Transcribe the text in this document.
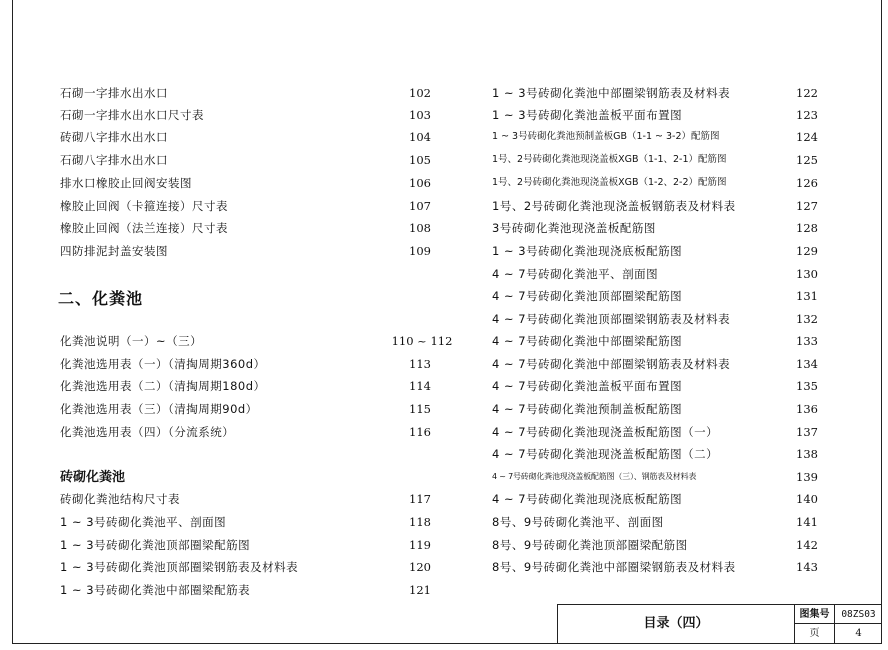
石砌一字排水出水口	102
石砌一字排水出水口尺寸表	103
砖砌八字排水出水口	104
石砌八字排水出水口	105
排水口橡胶止回阀安装图	106
橡胶止回阀（卡箍连接）尺寸表	107
橡胶止回阀（法兰连接）尺寸表	108
四防排泥封盖安装图	109
二、化粪池
化粪池说明（一）~（三）	110 ~ 112
化粪池选用表（一）（清掏周期360d）	113
化粪池选用表（二）（清掏周期180d）	114
化粪池选用表（三）（清掏周期90d）	115
化粪池选用表（四）（分流系统）	116
砖砌化粪池
砖砌化粪池结构尺寸表	117
1 ~ 3号砖砌化粪池平、剖面图	118
1 ~ 3号砖砌化粪池顶部圈梁配筋图	119
1 ~ 3号砖砌化粪池顶部圈梁钢筋表及材料表	120
1 ~ 3号砖砌化粪池中部圈梁配筋表	121
1 ~ 3号砖砌化粪池中部圈梁钢筋表及材料表	122
1 ~ 3号砖砌化粪池盖板平面布置图	123
1 ~ 3号砖砌化粪池预制盖板GB（1-1 ~ 3-2）配筋图	124
1号、2号砖砌化粪池现浇盖板XGB（1-1、2-1）配筋图	125
1号、2号砖砌化粪池现浇盖板XGB（1-2、2-2）配筋图	126
1号、2号砖砌化粪池现浇盖板钢筋表及材料表	127
3号砖砌化粪池现浇盖板配筋图	128
1 ~ 3号砖砌化粪池现浇底板配筋图	129
4 ~ 7号砖砌化粪池平、剖面图	130
4 ~ 7号砖砌化粪池顶部圈梁配筋图	131
4 ~ 7号砖砌化粪池顶部圈梁钢筋表及材料表	132
4 ~ 7号砖砌化粪池中部圈梁配筋图	133
4 ~ 7号砖砌化粪池中部圈梁钢筋表及材料表	134
4 ~ 7号砖砌化粪池盖板平面布置图	135
4 ~ 7号砖砌化粪池预制盖板配筋图	136
4 ~ 7号砖砌化粪池现浇盖板配筋图（一）	137
4 ~ 7号砖砌化粪池现浇盖板配筋图（二）	138
4 ~ 7号砖砌化粪池现浇盖板配筋图（三）、钢筋表及材料表	139
4 ~ 7号砖砌化粪池现浇底板配筋图	140
8号、9号砖砌化粪池平、剖面图	141
8号、9号砖砌化粪池顶部圈梁配筋图	142
8号、9号砖砌化粪池中部圈梁钢筋表及材料表	143
目录（四）
图集号	08ZS03
页	4
